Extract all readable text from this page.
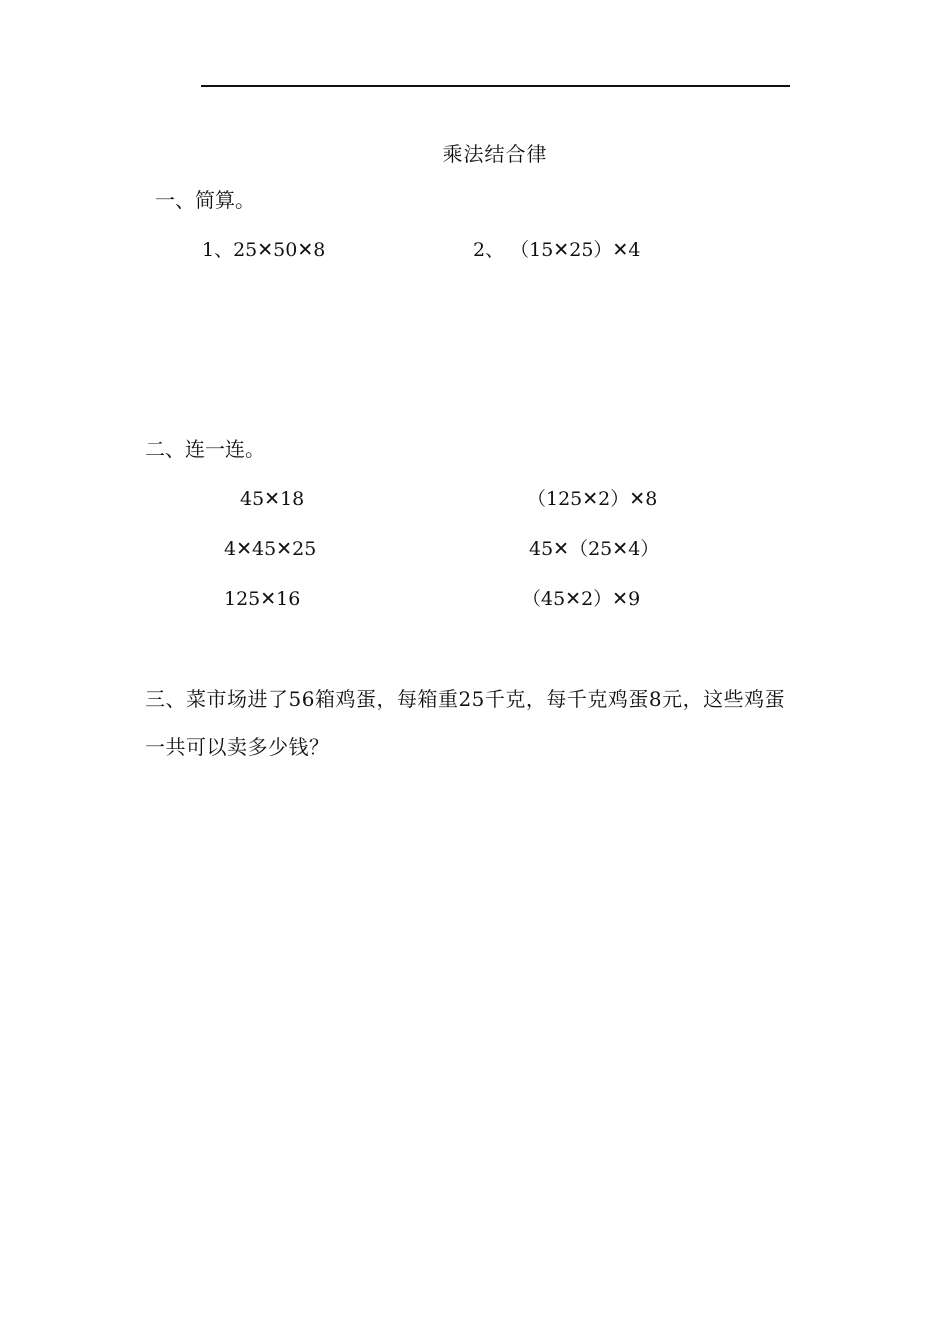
乘法结合律
一、简算。
1、25✕50✕8	2、 （15✕25）✕4
二、连一连。
45✕18
4✕45✕25
125✕16
（125✕2）✕8
45✕（25✕4）
（45✕2）✕9
三、菜市场进了56箱鸡蛋，每箱重25千克，每千克鸡蛋8元，这些鸡蛋一共可以卖多少钱？
